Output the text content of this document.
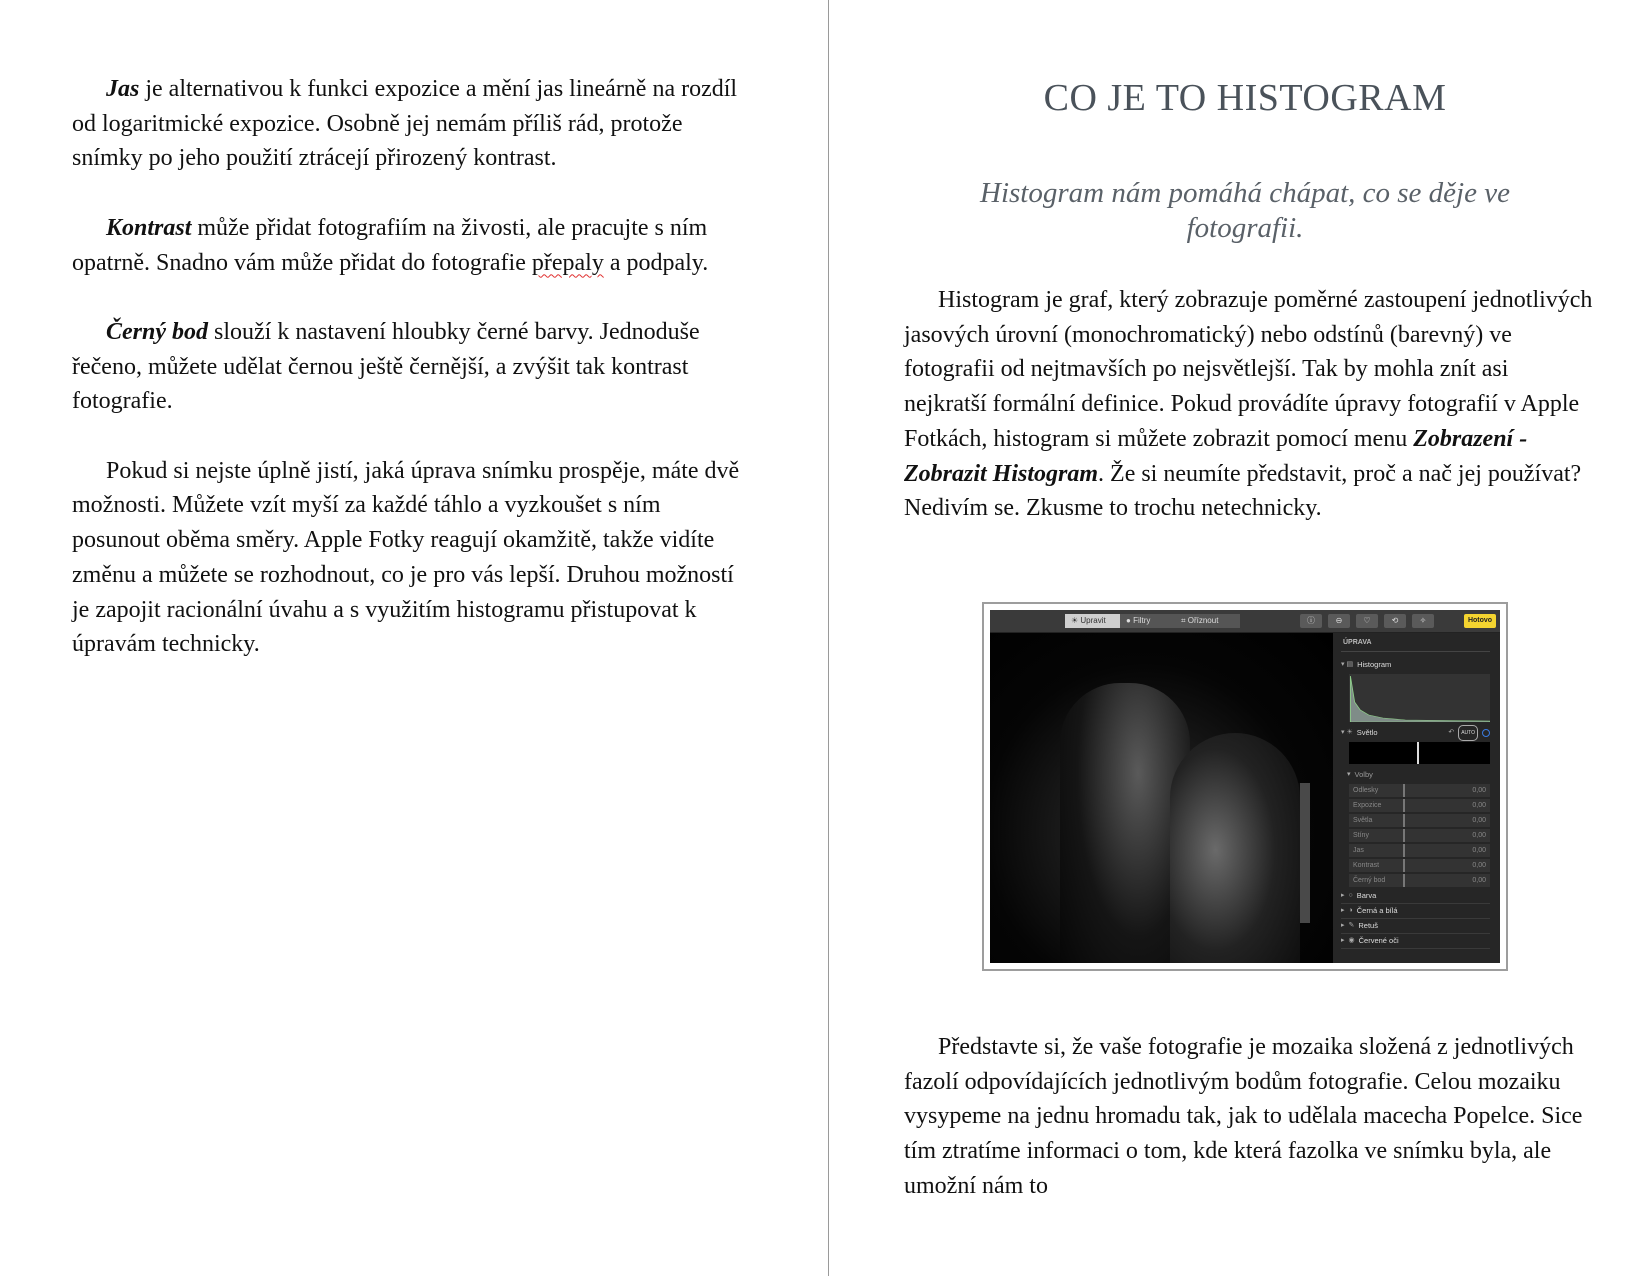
Jas je alternativou k funkci expozice a mění jas lineárně na rozdíl od logaritmické expozice. Osobně jej nemám příliš rád, protože snímky po jeho použití ztrácejí přirozený kontrast.

Kontrast může přidat fotografiím na živosti, ale pracujte s ním opatrně. Snadno vám může přidat do fotografie přepaly a podpaly.

Černý bod slouží k nastavení hloubky černé barvy. Jednoduše řečeno, můžete udělat černou ještě černější, a zvýšit tak kontrast fotografie.

Pokud si nejste úplně jistí, jaká úprava snímku prospěje, máte dvě možnosti. Můžete vzít myší za každé táhlo a vyzkoušet s ním posunout oběma směry. Apple Fotky reagují okamžitě, takže vidíte změnu a můžete se rozhodnout, co je pro vás lepší. Druhou možností je zapojit racionální úvahu a s využitím histogramu přistupovat k úpravám technicky.

CO JE TO HISTOGRAM
Histogram nám pomáhá chápat, co se děje ve fotografii.

Histogram je graf, který zobrazuje poměrné zastoupení jednotlivých jasových úrovní (monochromatický) nebo odstínů (barevný) ve fotografii od nejtmavších po nejsvětlejší. Tak by mohla znít asi nejkratší formální definice. Pokud provádíte úpravy fotografií v Apple Fotkách, histogram si můžete zobrazit pomocí menu Zobrazení - Zobrazit Histogram. Že si neumíte představit, proč a nač jej používat? Nedivím se. Zkusme to trochu netechnicky.

☀ Upravit	● Filtry	⌗ Oříznout	ⓘ	⊖	♡	⟲	✧	Hotovo
ÚPRAVA
▾ ▤ Histogram
▾ ☀ Světlo	↶	AUTO
▾ Volby
Odlesky	0,00
Expozice	0,00
Světla	0,00
Stíny	0,00
Jas	0,00
Kontrast	0,00
Černý bod	0,00
▸ ○ Barva
▸ ◑ Černá a bílá
▸ ✎ Retuš
▸ ◉ Červené oči

Představte si, že vaše fotografie je mozaika složená z jednotlivých fazolí odpovídajících jednotlivým bodům fotografie. Celou mozaiku vysypeme na jednu hromadu tak, jak to udělala macecha Popelce. Sice tím ztratíme informaci o tom, kde která fazolka ve snímku byla, ale umožní nám to
